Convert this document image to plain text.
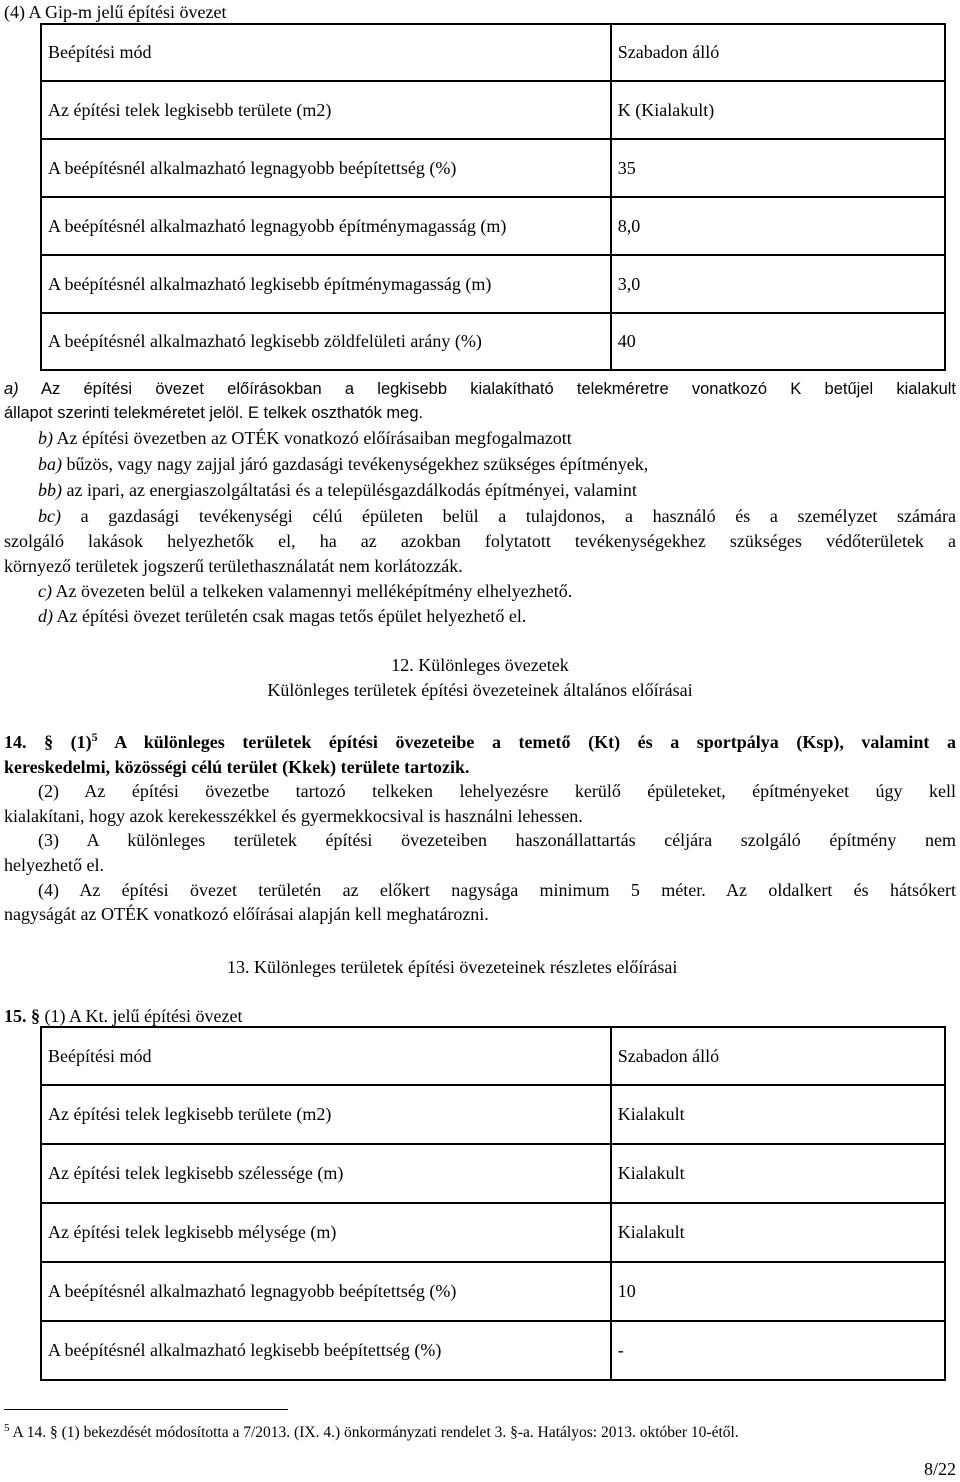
(4) A Gip-m jelű építési övezet
Beépítési mód	Szabadon álló
Az építési telek legkisebb területe (m2)	K (Kialakult)
A beépítésnél alkalmazható legnagyobb beépítettség (%)	35
A beépítésnél alkalmazható legnagyobb építménymagasság (m)	8,0
A beépítésnél alkalmazható legkisebb építménymagasság (m)	3,0
A beépítésnél alkalmazható legkisebb zöldfelületi arány (%)	40
a) Az építési övezet előírásokban a legkisebb kialakítható telekméretre vonatkozó K betűjel kialakult
állapot szerinti telekméretet jelöl. E telkek oszthatók meg.
b) Az építési övezetben az OTÉK vonatkozó előírásaiban megfogalmazott
ba) bűzös, vagy nagy zajjal járó gazdasági tevékenységekhez szükséges építmények,
bb) az ipari, az energiaszolgáltatási és a településgazdálkodás építményei, valamint
bc) a gazdasági tevékenységi célú épületen belül a tulajdonos, a használó és a személyzet számára
szolgáló lakások helyezhetők el, ha az azokban folytatott tevékenységekhez szükséges védőterületek a
környező területek jogszerű területhasználatát nem korlátozzák.
c) Az övezeten belül a telkeken valamennyi melléképítmény elhelyezhető.
d) Az építési övezet területén csak magas tetős épület helyezhető el.
12. Különleges övezetek
Különleges területek építési övezeteinek általános előírásai
14. § $(1)^5$ A különleges területek építési övezeteibe a temető (Kt) és a sportpálya (Ksp), valamint a
kereskedelmi, közösségi célú terület (Kkek) területe tartozik.
(2) Az építési övezetbe tartozó telkeken lehelyezésre kerülő épületeket, építményeket úgy kell
kialakítani, hogy azok kerekesszékkel és gyermekkocsival is használni lehessen.
(3) A különleges területek építési övezeteiben haszonállattartás céljára szolgáló építmény nem
helyezhető el.
(4) Az építési övezet területén az előkert nagysága minimum 5 méter. Az oldalkert és hátsókert
nagyságát az OTÉK vonatkozó előírásai alapján kell meghatározni.
13. Különleges területek építési övezeteinek részletes előírásai
15. § (1) A Kt. jelű építési övezet
Beépítési mód	Szabadon álló
Az építési telek legkisebb területe (m2)	Kialakult
Az építési telek legkisebb szélessége (m)	Kialakult
Az építési telek legkisebb mélysége (m)	Kialakult
A beépítésnél alkalmazható legnagyobb beépítettség (%)	10
A beépítésnél alkalmazható legkisebb beépítettség (%)	-
$^5$ A 14. § (1) bekezdését módosította a 7/2013. (IX. 4.) önkormányzati rendelet 3. §-a. Hatályos: 2013. október 10-étől.
8/22
